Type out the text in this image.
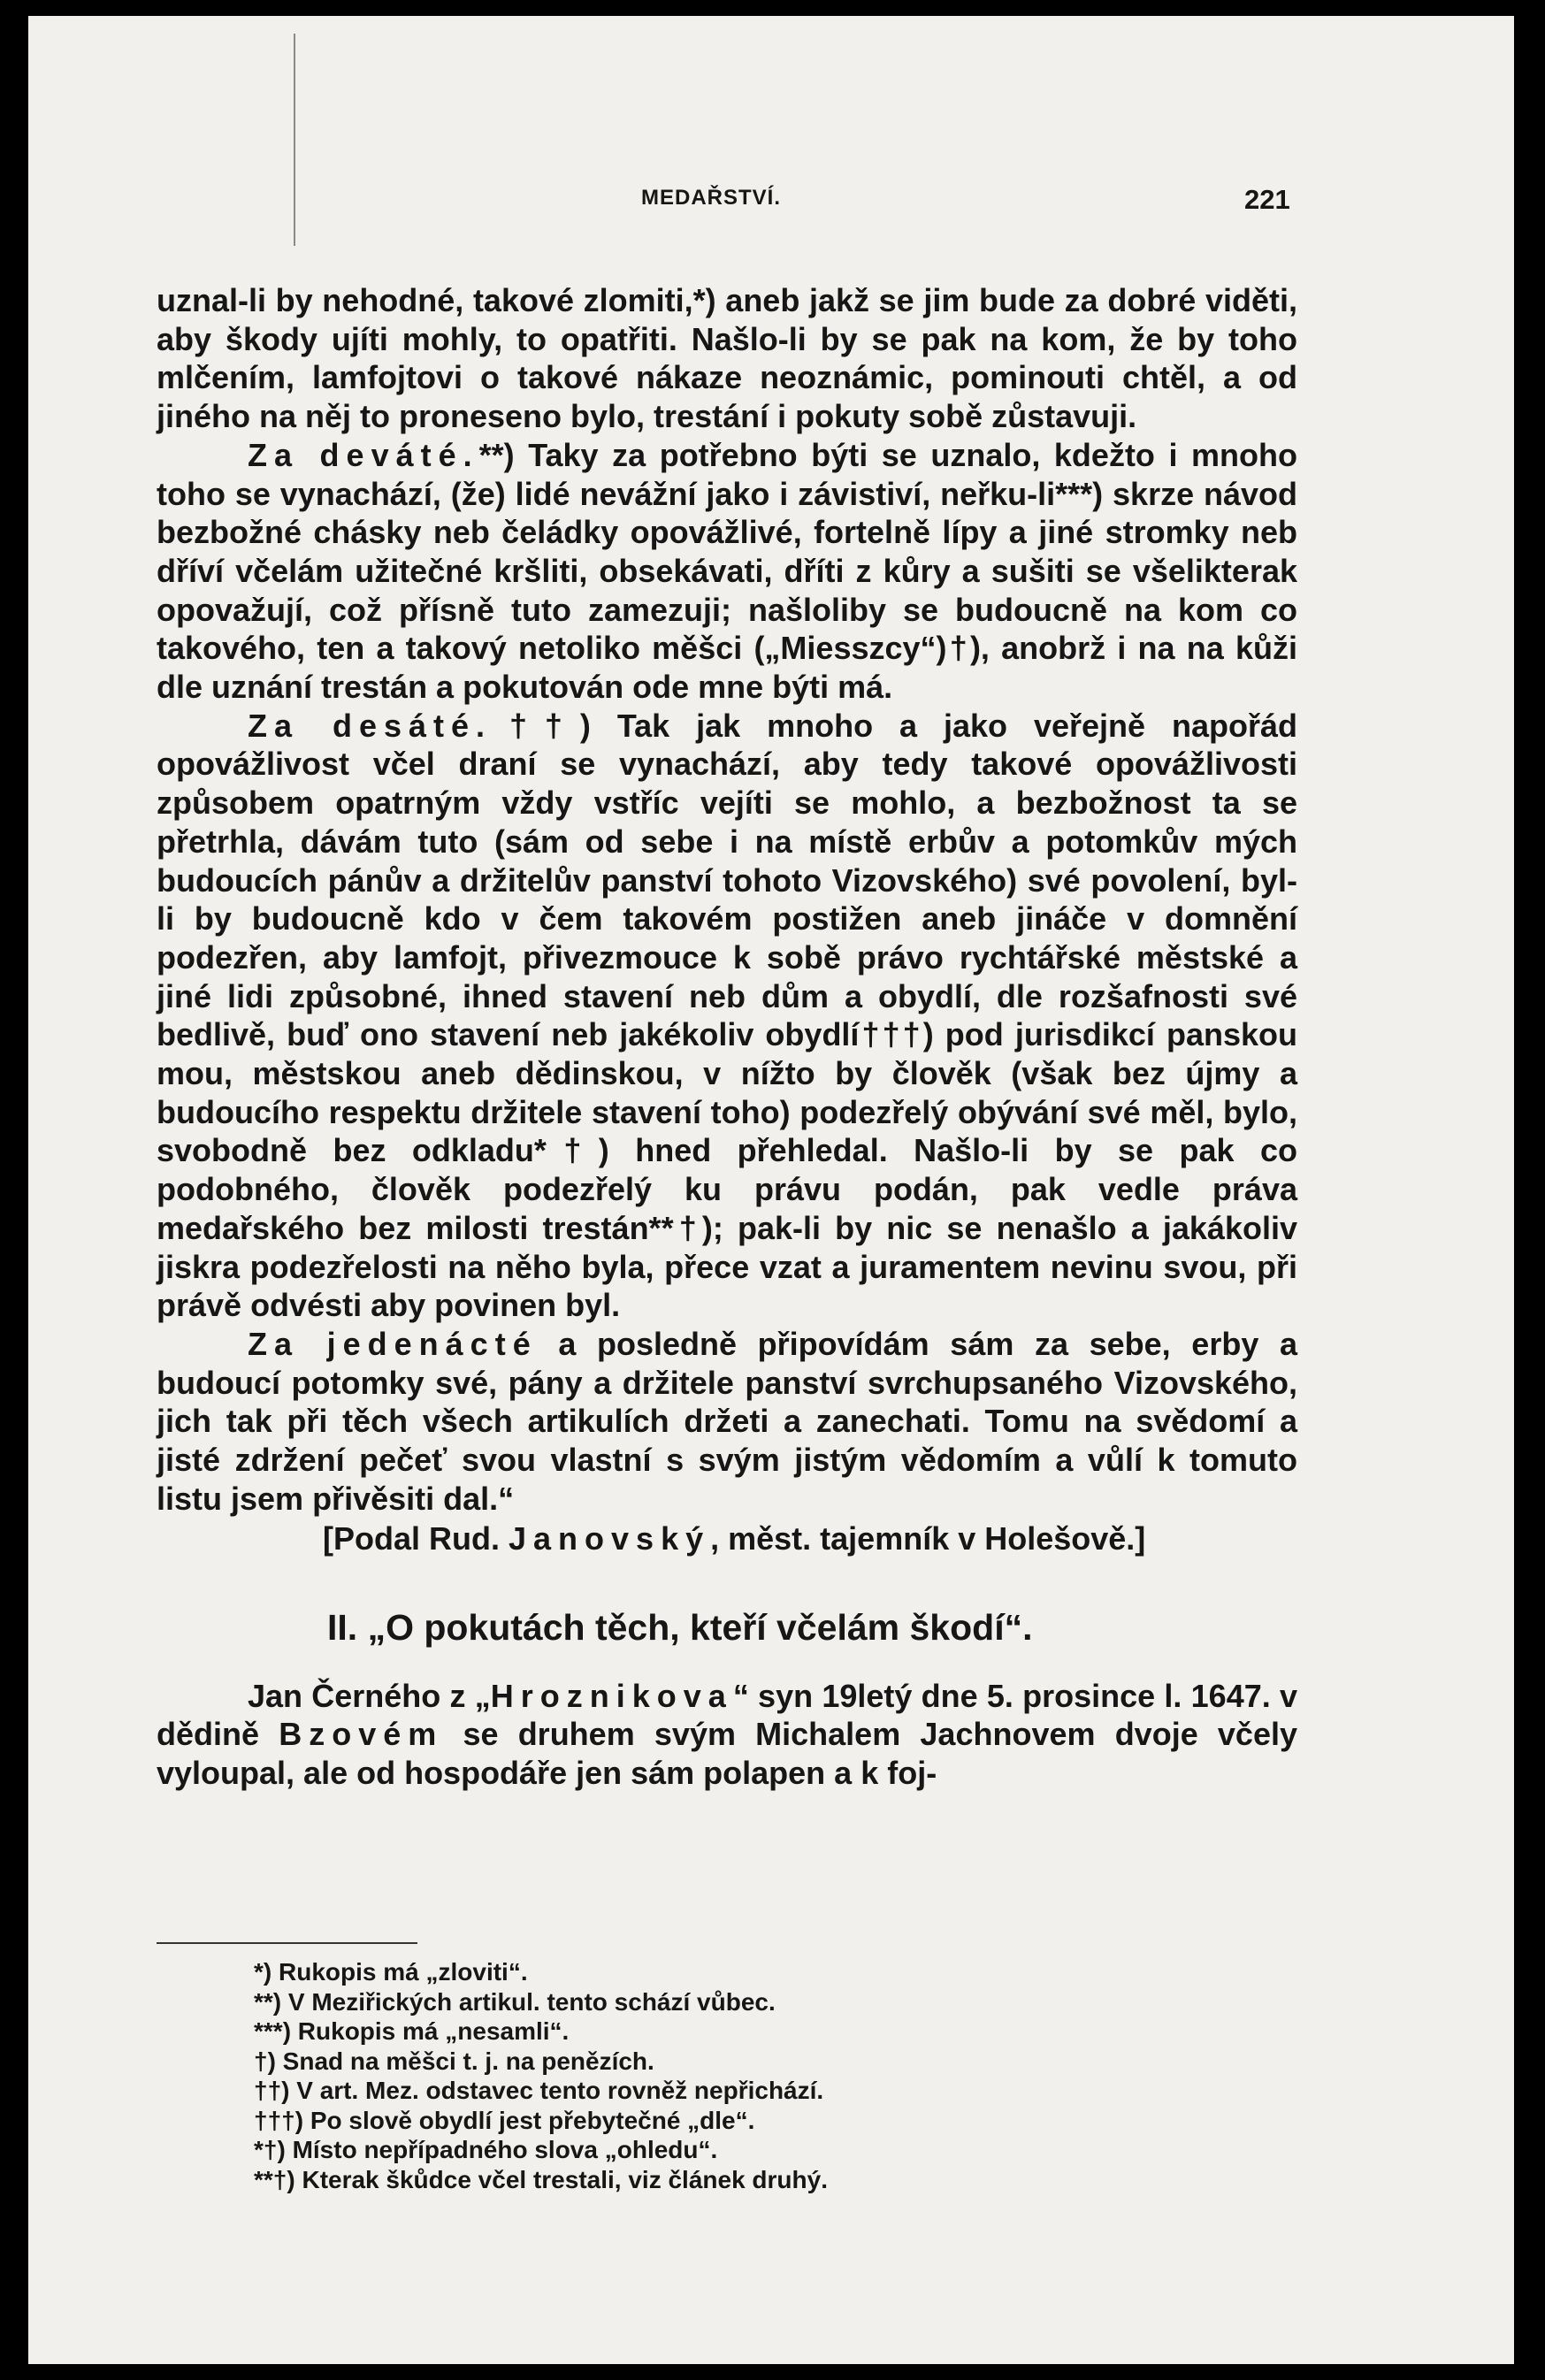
MEDAŘSTVÍ.	221

uznal-li by nehodné, takové zlomiti,*) aneb jakž se jim bude za dobré viděti, aby škody ujíti mohly, to opatřiti. Našlo-li by se pak na kom, že by toho mlčením, lamfojtovi o takové nákaze neoznámic, pominouti chtěl, a od jiného na něj to proneseno bylo, trestání i pokuty sobě zůstavuji.

Za deváté.**) Taky za potřebno býti se uznalo, kdežto i mnoho toho se vynachází, (že) lidé nevážní jako i závistiví, neřku-li***) skrze návod bezbožné chásky neb čeládky opovážlivé, fortelně lípy a jiné stromky neb dříví včelám užitečné kršliti, obsekávati, dříti z kůry a sušiti se všelikterak opovažují, což přísně tuto zamezuji; našloliby se budoucně na kom co takového, ten a takový netoliko měšci („Miesszcy“)†), anobrž i na na kůži dle uznání trestán a pokutován ode mne býti má.

Za desáté.††) Tak jak mnoho a jako veřejně napořád opovážlivost včel draní se vynachází, aby tedy takové opovážlivosti způsobem opatrným vždy vstříc vejíti se mohlo, a bezbožnost ta se přetrhla, dávám tuto (sám od sebe i na místě erbův a potomkův mých budoucích pánův a držitelův panství tohoto Vizovského) své povolení, byl-li by budoucně kdo v čem takovém postižen aneb jináče v domnění podezřen, aby lamfojt, přivezmouce k sobě právo rychtářské městské a jiné lidi způsobné, ihned stavení neb dům a obydlí, dle rozšafnosti své bedlivě, buď ono stavení neb jakékoliv obydlí†††) pod jurisdikcí panskou mou, městskou aneb dědinskou, v nížto by člověk (však bez újmy a budoucího respektu držitele stavení toho) podezřelý obývání své měl, bylo, svobodně bez odkladu*†) hned přehledal. Našlo-li by se pak co podobného, člověk podezřelý ku právu podán, pak vedle práva medařského bez milosti trestán**†); pak-li by nic se nenašlo a jakákoliv jiskra podezřelosti na něho byla, přece vzat a juramentem nevinu svou, při právě odvésti aby povinen byl.

Za jedenácté a posledně připovídám sám za sebe, erby a budoucí potomky své, pány a držitele panství svrchupsaného Vizovského, jich tak při těch všech artikulích držeti a zanechati. Tomu na svědomí a jisté zdržení pečeť svou vlastní s svým jistým vědomím a vůlí k tomuto listu jsem přivěsiti dal.“

[Podal Rud. Janovský, měst. tajemník v Holešově.]

II. „O pokutách těch, kteří včelám škodí“.

Jan Černého z „Hroznikova“ syn 19letý dne 5. prosince l. 1647. v dědině Bzovém se druhem svým Michalem Jachnovem dvoje včely vyloupal, ale od hospodáře jen sám polapen a k foj-

*) Rukopis má „zloviti“.
**) V Meziřických artikul. tento schází vůbec.
***) Rukopis má „nesamli“.
†) Snad na měšci t. j. na penězích.
††) V art. Mez. odstavec tento rovněž nepřichází.
†††) Po slově obydlí jest přebytečné „dle“.
*†) Místo nepřípadného slova „ohledu“.
**†) Kterak škůdce včel trestali, viz článek druhý.
